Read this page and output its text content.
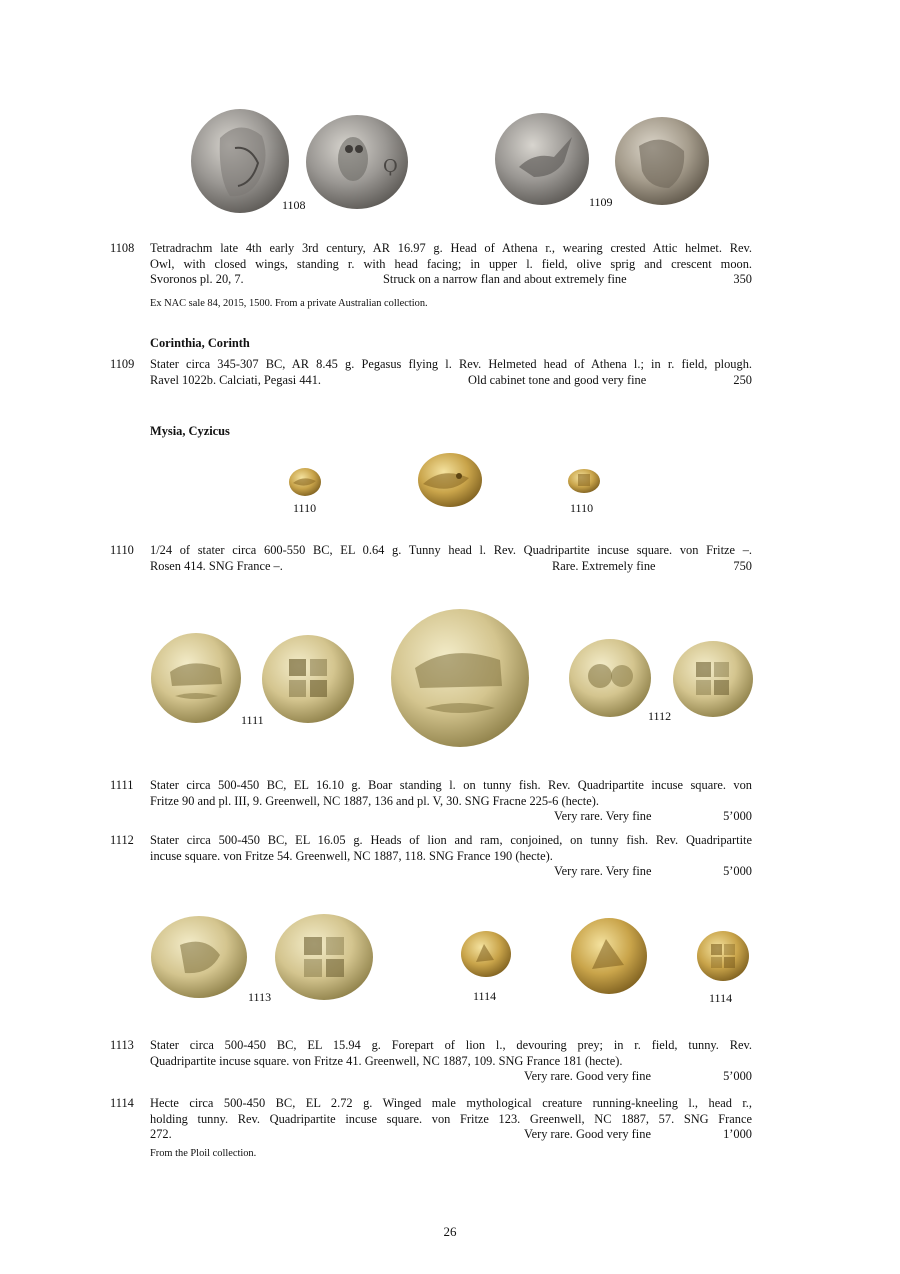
Ϙ
1108	1109
1108 Tetradrachm late 4th early 3rd century, AR 16.97 g. Head of Athena r., wearing crested Attic helmet. Rev.
Owl, with closed wings, standing r. with head facing; in upper l. field, olive sprig and crescent moon.
Svoronos pl. 20, 7.	Struck on a narrow flan and about extremely fine	350
Ex NAC sale 84, 2015, 1500. From a private Australian collection.
Corinthia, Corinth
1109 Stater circa 345-307 BC, AR 8.45 g. Pegasus flying l. Rev. Helmeted head of Athena l.; in r. field, plough.
Ravel 1022b. Calciati, Pegasi 441.	Old cabinet tone and good very fine	250
Mysia, Cyzicus
1110	1110
1110 1/24 of stater circa 600-550 BC, EL 0.64 g. Tunny head l. Rev. Quadripartite incuse square. von Fritze –.
Rosen 414. SNG France –.	Rare. Extremely fine	750
1111	1112
1111 Stater circa 500-450 BC, EL 16.10 g. Boar standing l. on tunny fish. Rev. Quadripartite incuse square. von
Fritze 90 and pl. III, 9. Greenwell, NC 1887, 136 and pl. V, 30. SNG Fracne 225-6 (hecte).
Very rare. Very fine	5’000
1112 Stater circa 500-450 BC, EL 16.05 g. Heads of lion and ram, conjoined, on tunny fish. Rev. Quadripartite
incuse square. von Fritze 54. Greenwell, NC 1887, 118. SNG France 190 (hecte).
Very rare. Very fine	5’000
1113	1114	1114
1113 Stater circa 500-450 BC, EL 15.94 g. Forepart of lion l., devouring prey; in r. field, tunny. Rev.
Quadripartite incuse square. von Fritze 41. Greenwell, NC 1887, 109. SNG France 181 (hecte).
Very rare. Good very fine	5’000
1114 Hecte circa 500-450 BC, EL 2.72 g. Winged male mythological creature running-kneeling l., head r.,
holding tunny. Rev. Quadripartite incuse square. von Fritze 123. Greenwell, NC 1887, 57. SNG France
272.	Very rare. Good very fine	1’000
From the Ploil collection.
26
